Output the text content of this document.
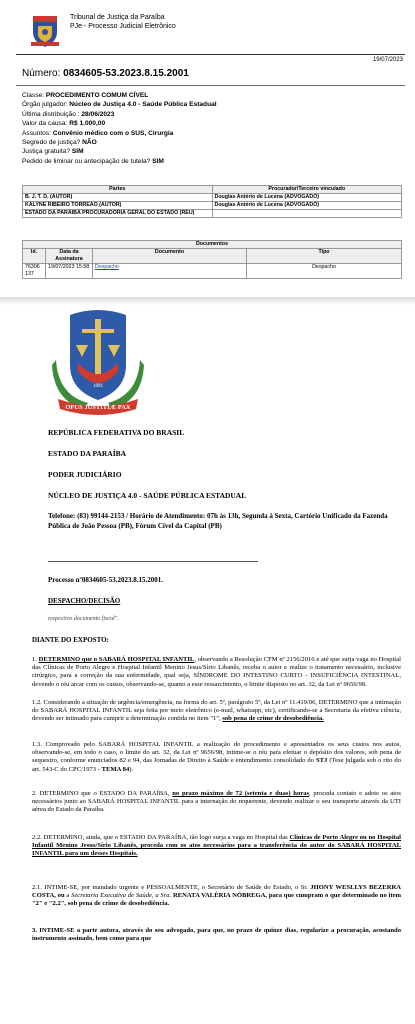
Tribunal de Justiça da Paraíba
PJe - Processo Judicial Eletrônico
19/07/2023
Número: 0834605-53.2023.8.15.2001
Classe: PROCEDIMENTO COMUM CÍVEL
Órgão julgador: Núcleo de Justiça 4.0 - Saúde Pública Estadual
Última distribuição : 28/06/2023
Valor da causa: R$ 1.000,00
Assuntos: Convênio médico com o SUS, Cirurgia
Segredo de justiça? NÃO
Justiça gratuita? SIM
Pedido de liminar ou antecipação de tutela? SIM
Partes	Procurador/Terceiro vinculado
B. J. T. D. (AUTOR)	Douglas Antério de Lucena (ADVOGADO)
KALYNE RIBEIRO TORREAO (AUTOR)	Douglas Antério de Lucena (ADVOGADO)
ESTADO DA PARAIBA PROCURADORIA GERAL DO ESTADO (REU)	
Documentos			
Id.	Data da Assinatura	Documento	Tipo
76306 137	19/07/2023 15:58	Despacho	Despacho
OPUS JUSTITIÆ PAX
1891
REPÚBLICA FEDERATIVA DO BRASIL
ESTADO DA PARAÍBA
PODER JUDICIÁRIO
NÚCLEO DE JUSTIÇA 4.0 - SAÚDE PÚBLICA ESTADUAL
Telefone: (83) 99144-2153 / Horário de Atendimento: 07h às 13h, Segunda à Sexta, Cartório Unificado da Fazenda Pública de João Pessoa (PB), Fórum Cível da Capital (PB)
Processo nº0834605-53.2023.8.15.2001.
DESPACHO/DECISÃO
respectivo documento fiscal".
DIANTE DO EXPOSTO:
1. DETERMINO que o SABARÁ HOSPITAL INFANTIL, observando a Resolução CFM nº 2156/2016 e até que surja vaga no Hospital das Clínicas de Porto Alegre e Hospital Infantil Menino Jesus/Sírio Libanês, receba o autor e realize o tratamento necessário, inclusive cirúrgico, para a correção da sua enfermidade, qual seja, SÍNDROME DO INTESTINO CURTO - INSUFICIÊNCIA INTESTINAL, devendo o réu arcar com os custos, observando-se, quanto a esse ressarcimento, o limite disposto no art. 32, da Lei nº 9656/98.
1.2. Considerando a situação de urgência/emergência, na forma do art. 5º, parágrafo 5º, da Lei nº 11.419/06, DETERMINO que a intimação do SABARÁ HOSPITAL INFANTIL seja feita por meio eletrônico (e-mail, whatsapp, etc), certificando-se a Secretaria da efetiva ciência, devendo ser intimado para cumprir a determinação contida no item "1", sob pena de crime de desobediência.
1.3. Comprovado pelo SABARÁ HOSPITAL INFANTIL a realização do procedimento e apresentados os seus custos nos autos, observando-se, em todo o caso, o limite do art. 32, da Lei nº 9656/98, intime-se o réu para efetuar o depósito dos valores, sob pena de sequestro, conforme enunciados 82 e 94, das Jornadas de Direito à Saúde e entendimento consolidado do STJ (Tese julgada sob o rito do art. 543-C do CPC/1973 - TEMA 84).
2. DETERMINO que o ESTADO DA PARAÍBA, no prazo máximo de 72 (setenta e duas) horas, proceda contato e adote os atos necessários junto ao SABARÁ HOSPITAL INFANTIL para a internação do requerente, devendo realizar o seu transporte através da UTI aérea do Estado da Paraíba.
2.2. DETERMINO, ainda, que o ESTADO DA PARAÍBA, tão logo surja a vaga no Hospital das Clínicas de Porto Alegre ou no Hospital Infantil Menino Jesus/Sírio Libanês, proceda com os atos necessários para a transferência do autor do SABARÁ HOSPITAL INFANTIL para um desses Hospitais.
2.1. INTIME-SE, por mandado urgente e PESSOALMENTE, o Secretário de Saúde do Estado, o Sr. JHONY WESLLYS BEZERRA COSTA, ou a Secretaria Executiva de Saúde, a Sra. RENATA VALÉRIA NÓBREGA, para que cumpram o que determinado no item "2" e "2.2", sob pena de crime de desobediência.
3. INTIME-SE a parte autora, através do seu advogado, para que, no prazo de quinze dias, regularize a procuração, acostando instrumento assinado, bem como para que
